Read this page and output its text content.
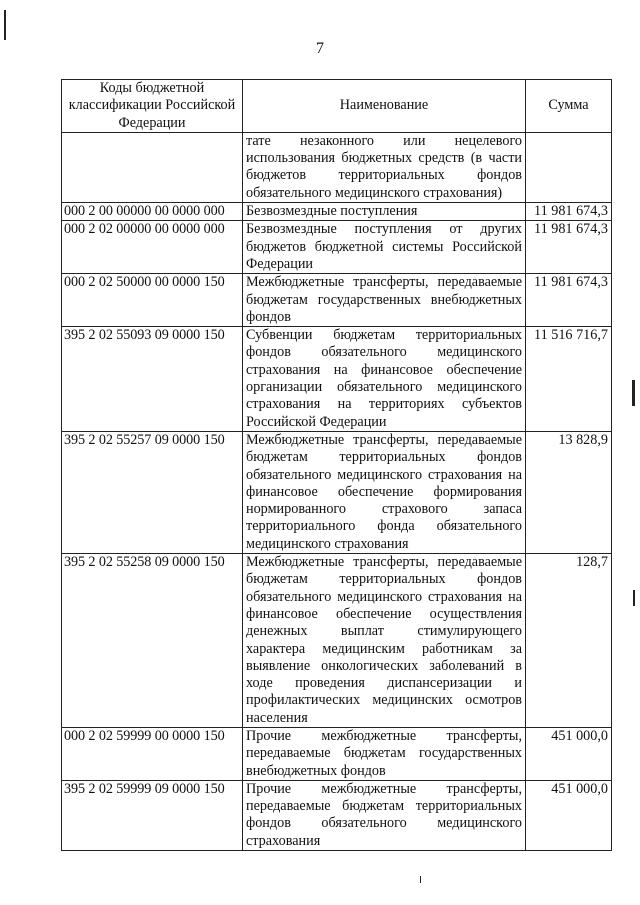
7
Коды бюджетной классификации Российской Федерации	Наименование	Сумма
	тате незаконного или нецелевого использования бюджетных средств (в части бюджетов территориальных фондов обязательного медицинского страхования)	
000 2 00 00000 00 0000 000	Безвозмездные поступления	11 981 674,3
000 2 02 00000 00 0000 000	Безвозмездные поступления от других бюджетов бюджетной системы Российской Федерации	11 981 674,3
000 2 02 50000 00 0000 150	Межбюджетные трансферты, передаваемые бюджетам государственных внебюджетных фондов	11 981 674,3
395 2 02 55093 09 0000 150	Субвенции бюджетам территориальных фондов обязательного медицинского страхования на финансовое обеспечение организации обязательного медицинского страхования на территориях субъектов Российской Федерации	11 516 716,7
395 2 02 55257 09 0000 150	Межбюджетные трансферты, передаваемые бюджетам территориальных фондов обязательного медицинского страхования на финансовое обеспечение формирования нормированного страхового запаса территориального фонда обязательного медицинского страхования	13 828,9
395 2 02 55258 09 0000 150	Межбюджетные трансферты, передаваемые бюджетам территориальных фондов обязательного медицинского страхования на финансовое обеспечение осуществления денежных выплат стимулирующего характера медицинским работникам за выявление онкологических заболеваний в ходе проведения диспансеризации и профилактических медицинских осмотров населения	128,7
000 2 02 59999 00 0000 150	Прочие межбюджетные трансферты, передаваемые бюджетам государственных внебюджетных фондов	451 000,0
395 2 02 59999 09 0000 150	Прочие межбюджетные трансферты, передаваемые бюджетам территориальных фондов обязательного медицинского страхования	451 000,0
